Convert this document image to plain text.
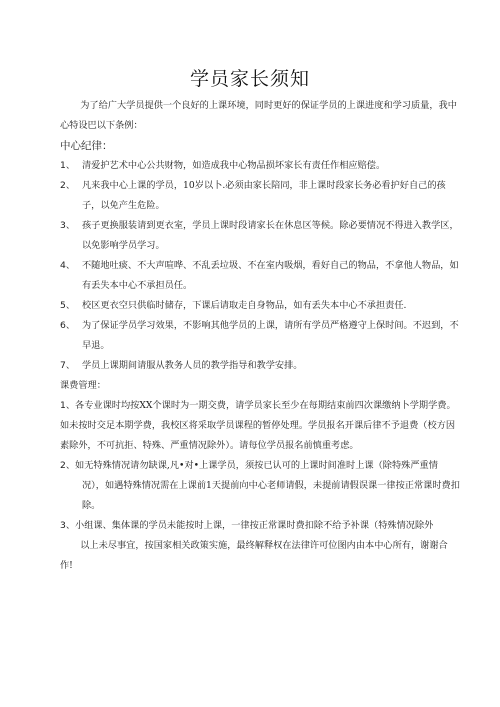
学员家长须知

为了给广大学员提供一个良好的上课环境，同时更好的保证学员的上课进度和学习质量，我中心特设巴以下条例：

中心纪律：

1、 清爱护艺术中心公共财物，如造成我中心物品损坏家长有责任作相应赔偿。
2、 凡来我中心上课的学员，10岁以卜.必须由家长陪同，非上课时段家长务必看护好自己的孩子，以免产生危险。
3、 孩子更换服装请到更衣室，学员上课时段请家长在休息区等候。除必要情况不得进入教学区，以免影响学员学习。
4、 不随地吐痰、不大声喧哗、不乱丢垃圾、不在室内吸烟，看好自己的物品，不拿他人物品，如有丢失本中心不承担员任。
5、 校区更衣空只供临时储存，下课后请取走自身物品，如有丢失本中心不承担责任.
6、 为了保证学员学习效果，不影响其他学员的上课，请所有学员严格遵守上保时间。不迟到，不早退。
7、 学员上课期间请服从教务人员的教学指导和教学安排。

课费管理：

1、各专业课时均按XX个课时为一期交费，请学员家长至少在每期结束前四次课缴纳卜学期学费。如未按时交足本期学费，我校区将采取学员课程的暂停处理。学员报名开课后律不予退费（校方因素除外，不可抗拒、特殊、严重情况除外）。请每位学员报名前慎重考虑。
2、如无特殊情况请勿缺课,凡•对•上课学员，须按已认可的上课时间准时上课（除特殊严重情况），如遇特殊情况需在上课前1天提前向中心老师请假，未提前请假误课一律按正常课时费扣除。
3、小组课、集体课的学员未能按时上课，一律按正常课时费扣除不给予补课（特殊情况除外

以上未尽事宜，按国家相关政策实施，最终解释权在法律许可位图内由本中心所有，谢谢合作!
